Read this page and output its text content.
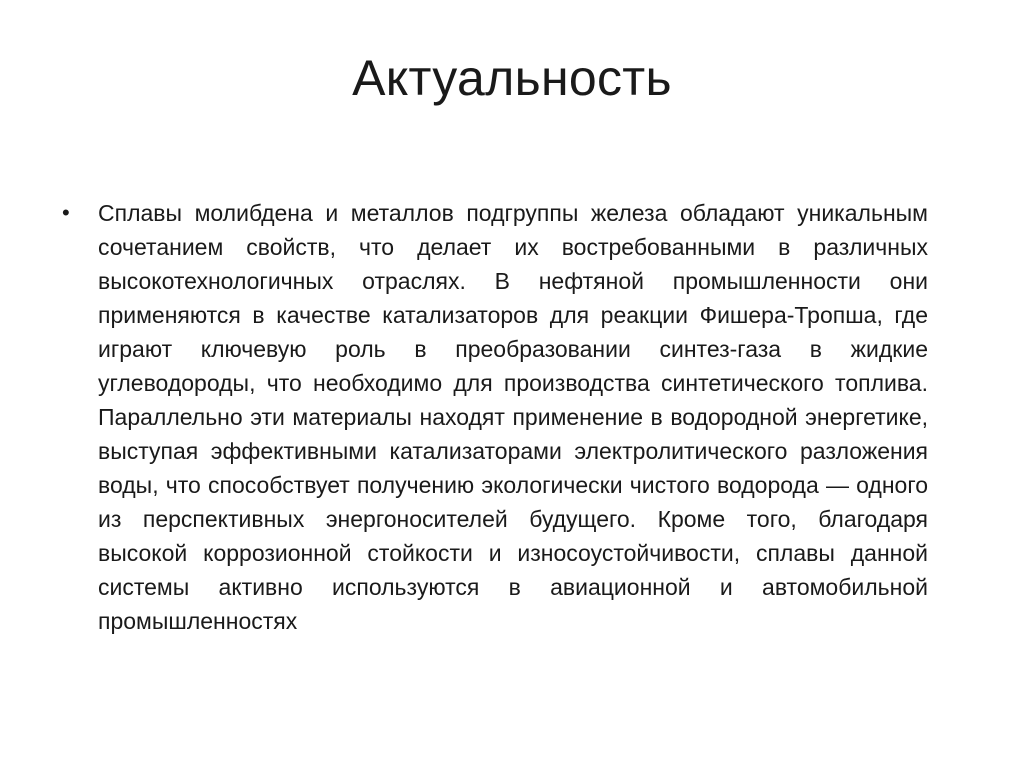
Актуальность
•	Сплавы молибдена и металлов подгруппы железа обладают уникальным сочетанием свойств, что делает их востребованными в различных высокотехнологичных отраслях. В нефтяной промышленности они применяются в качестве катализаторов для реакции Фишера-Тропша, где играют ключевую роль в преобразовании синтез-газа в жидкие углеводороды, что необходимо для производства синтетического топлива. Параллельно эти материалы находят применение в водородной энергетике, выступая эффективными катализаторами электролитического разложения воды, что способствует получению экологически чистого водорода — одного из перспективных энергоносителей будущего. Кроме того, благодаря высокой коррозионной стойкости и износоустойчивости, сплавы данной системы активно используются в авиационной и автомобильной промышленностях
